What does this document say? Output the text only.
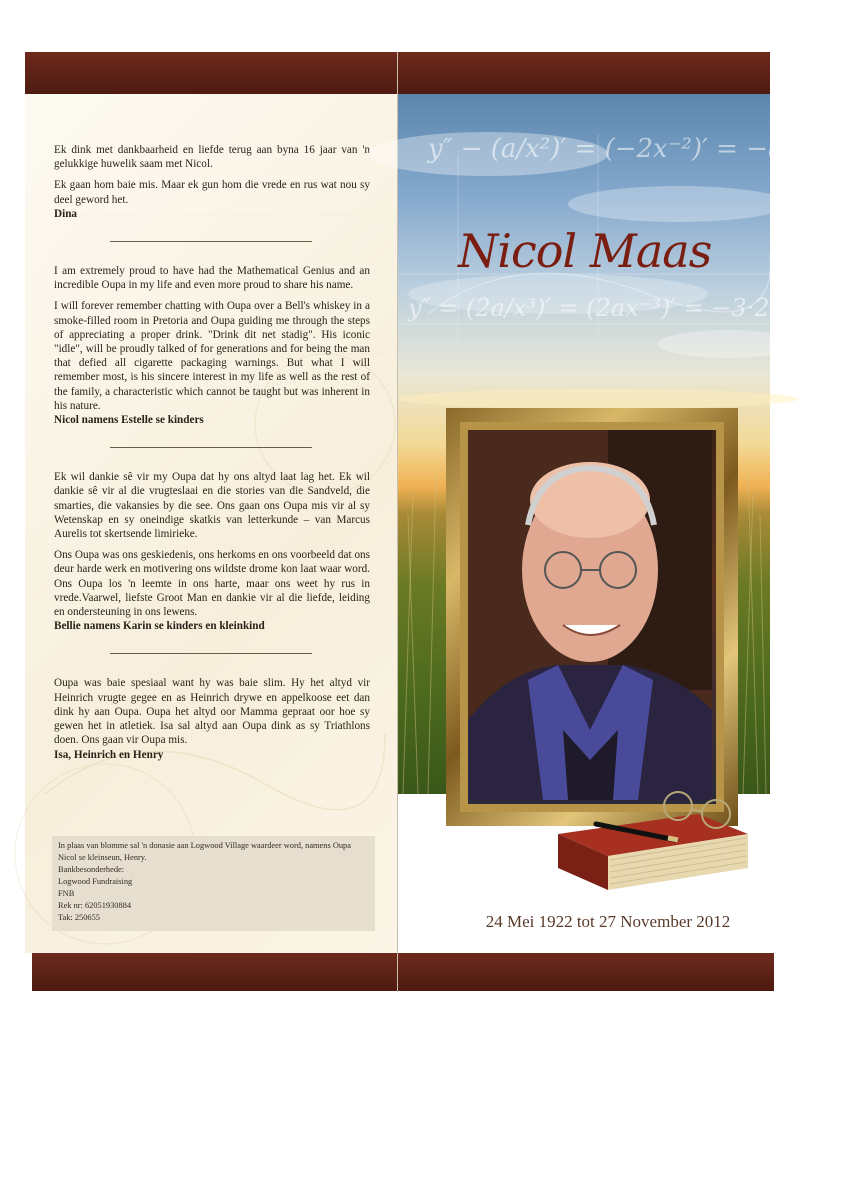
Ek dink met dankbaarheid en liefde terug aan byna 16 jaar van 'n gelukkige huwelik saam met Nicol.

Ek gaan hom baie mis. Maar ek gun hom die vrede en rus wat nou sy deel geword het.

Dina

I am extremely proud to have had the Mathematical Genius and an incredible Oupa in my life and even more proud to share his name.

I will forever remember chatting with Oupa over a Bell's whiskey in a smoke-filled room in Pretoria and Oupa guiding me through the steps of appreciating a proper drink. "Drink dit net stadig". His iconic "idle", will be proudly talked of for generations and for being the man that defied all cigarette packaging warnings. But what I will remember most, is his sincere interest in my life as well as the rest of the family, a characteristic which cannot be taught but was inherent in his nature.

Nicol namens Estelle se kinders

Ek wil dankie sê vir my Oupa dat hy ons altyd laat lag het. Ek wil dankie sê vir al die vrugteslaai en die stories van die Sandveld, die smarties, die vakansies by die see. Ons gaan ons Oupa mis vir al sy Wetenskap en sy oneindige skatkis van letterkunde – van Marcus Aurelis tot skertsende limirieke.

Ons Oupa was ons geskiedenis, ons herkoms en ons voorbeeld dat ons deur harde werk en motivering ons wildste drome kon laat waar word. Ons Oupa los 'n leemte in ons harte, maar ons weet hy rus in vrede.Vaarwel, liefste Groot Man en dankie vir al die liefde, leiding en ondersteuning in ons lewens.

Bellie namens Karin se kinders en kleinkind

Oupa was baie spesiaal want hy was baie slim. Hy het altyd vir Heinrich vrugte gegee en as Heinrich drywe en appelkoose eet dan dink hy aan Oupa. Oupa het altyd oor Mamma gepraat oor hoe sy gewen het in atletiek. Isa sal altyd aan Oupa dink as sy Triathlons doen. Ons gaan vir Oupa mis.

Isa, Heinrich en Henry

In plaas van blomme sal 'n donasie aan Logwood Village waardeer word, namens Oupa Nicol se kleinseun, Henry.
Bankbesonderhede:
Logwood Fundraising
FNB
Rek nr: 62051930884
Tak: 250655
y″ − (a/x²)′ = (−2x⁻²)′ = −a(−2)·6
y″ = (2a/x³)′ = (2ax⁻³)′ = −3·2ax⁻⁴
Nicol Maas
24 Mei 1922 tot 27 November 2012
